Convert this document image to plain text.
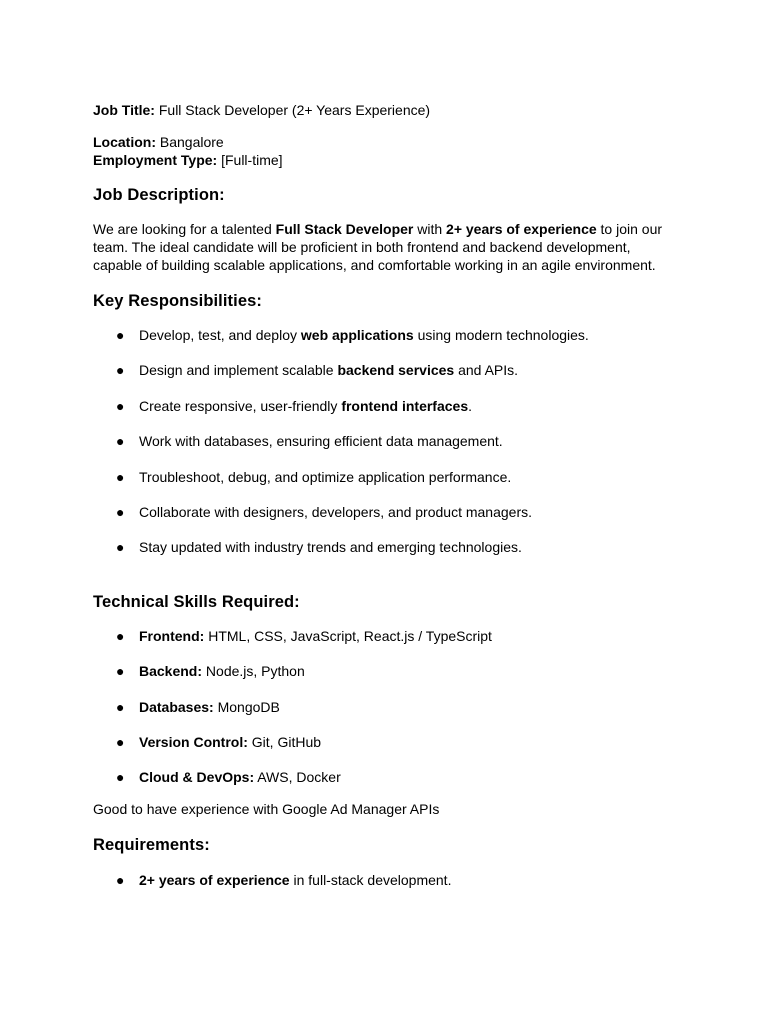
Job Title: Full Stack Developer (2+ Years Experience)

Location: Bangalore

Employment Type: [Full-time]

Job Description:

We are looking for a talented Full Stack Developer with 2+ years of experience to join our

team. The ideal candidate will be proficient in both frontend and backend development,

capable of building scalable applications, and comfortable working in an agile environment.

Key Responsibilities:
● Develop, test, and deploy web applications using modern technologies.
● Design and implement scalable backend services and APIs.
● Create responsive, user-friendly frontend interfaces.
● Work with databases, ensuring efficient data management.
● Troubleshoot, debug, and optimize application performance.
● Collaborate with designers, developers, and product managers.
● Stay updated with industry trends and emerging technologies.
Technical Skills Required:
● Frontend: HTML, CSS, JavaScript, React.js / TypeScript
● Backend: Node.js, Python
● Databases: MongoDB
● Version Control: Git, GitHub
● Cloud & DevOps: AWS, Docker

Good to have experience with Google Ad Manager APIs

Requirements:
● 2+ years of experience in full-stack development.
